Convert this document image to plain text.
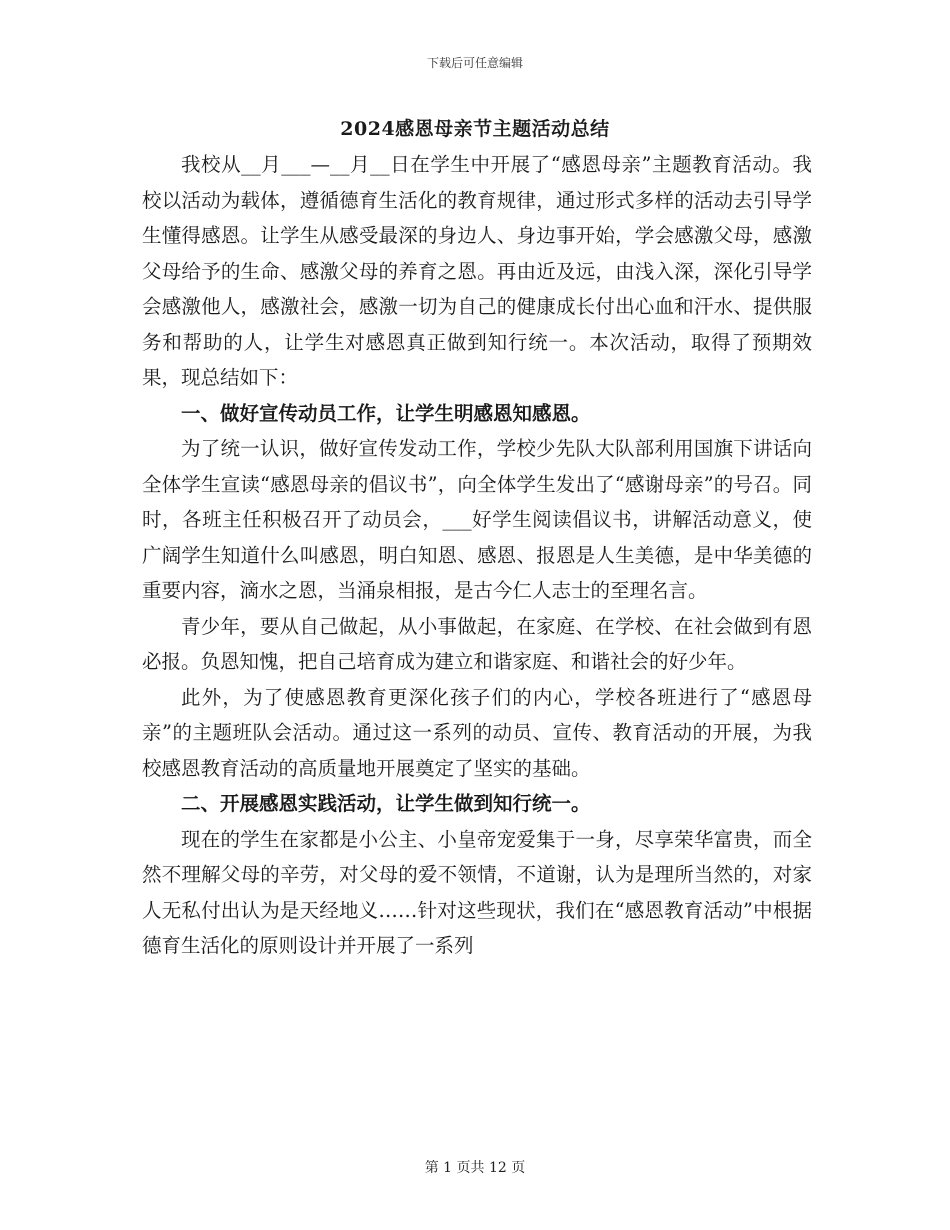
下载后可任意编辑
2024感恩母亲节主题活动总结

我校从__月___—__月__日在学生中开展了“感恩母亲”主题教育活动。我校以活动为载体，遵循德育生活化的教育规律，通过形式多样的活动去引导学生懂得感恩。让学生从感受最深的身边人、身边事开始，学会感激父母，感激父母给予的生命、感激父母的养育之恩。再由近及远，由浅入深，深化引导学会感激他人，感激社会，感激一切为自己的健康成长付出心血和汗水、提供服务和帮助的人，让学生对感恩真正做到知行统一。本次活动，取得了预期效果，现总结如下：

一、做好宣传动员工作，让学生明感恩知感恩。

为了统一认识，做好宣传发动工作，学校少先队大队部利用国旗下讲话向全体学生宣读“感恩母亲的倡议书”，向全体学生发出了“感谢母亲”的号召。同时，各班主任积极召开了动员会，___好学生阅读倡议书，讲解活动意义，使广阔学生知道什么叫感恩，明白知恩、感恩、报恩是人生美德，是中华美德的重要内容，滴水之恩，当涌泉相报，是古今仁人志士的至理名言。

青少年，要从自己做起，从小事做起，在家庭、在学校、在社会做到有恩必报。负恩知愧，把自己培育成为建立和谐家庭、和谐社会的好少年。

此外，为了使感恩教育更深化孩子们的内心，学校各班进行了“感恩母亲”的主题班队会活动。通过这一系列的动员、宣传、教育活动的开展，为我校感恩教育活动的高质量地开展奠定了坚实的基础。

二、开展感恩实践活动，让学生做到知行统一。

现在的学生在家都是小公主、小皇帝宠爱集于一身，尽享荣华富贵，而全然不理解父母的辛劳，对父母的爱不领情，不道谢，认为是理所当然的，对家人无私付出认为是天经地义……针对这些现状，我们在“感恩教育活动”中根据德育生活化的原则设计并开展了一系列

第 1 页共 12 页
